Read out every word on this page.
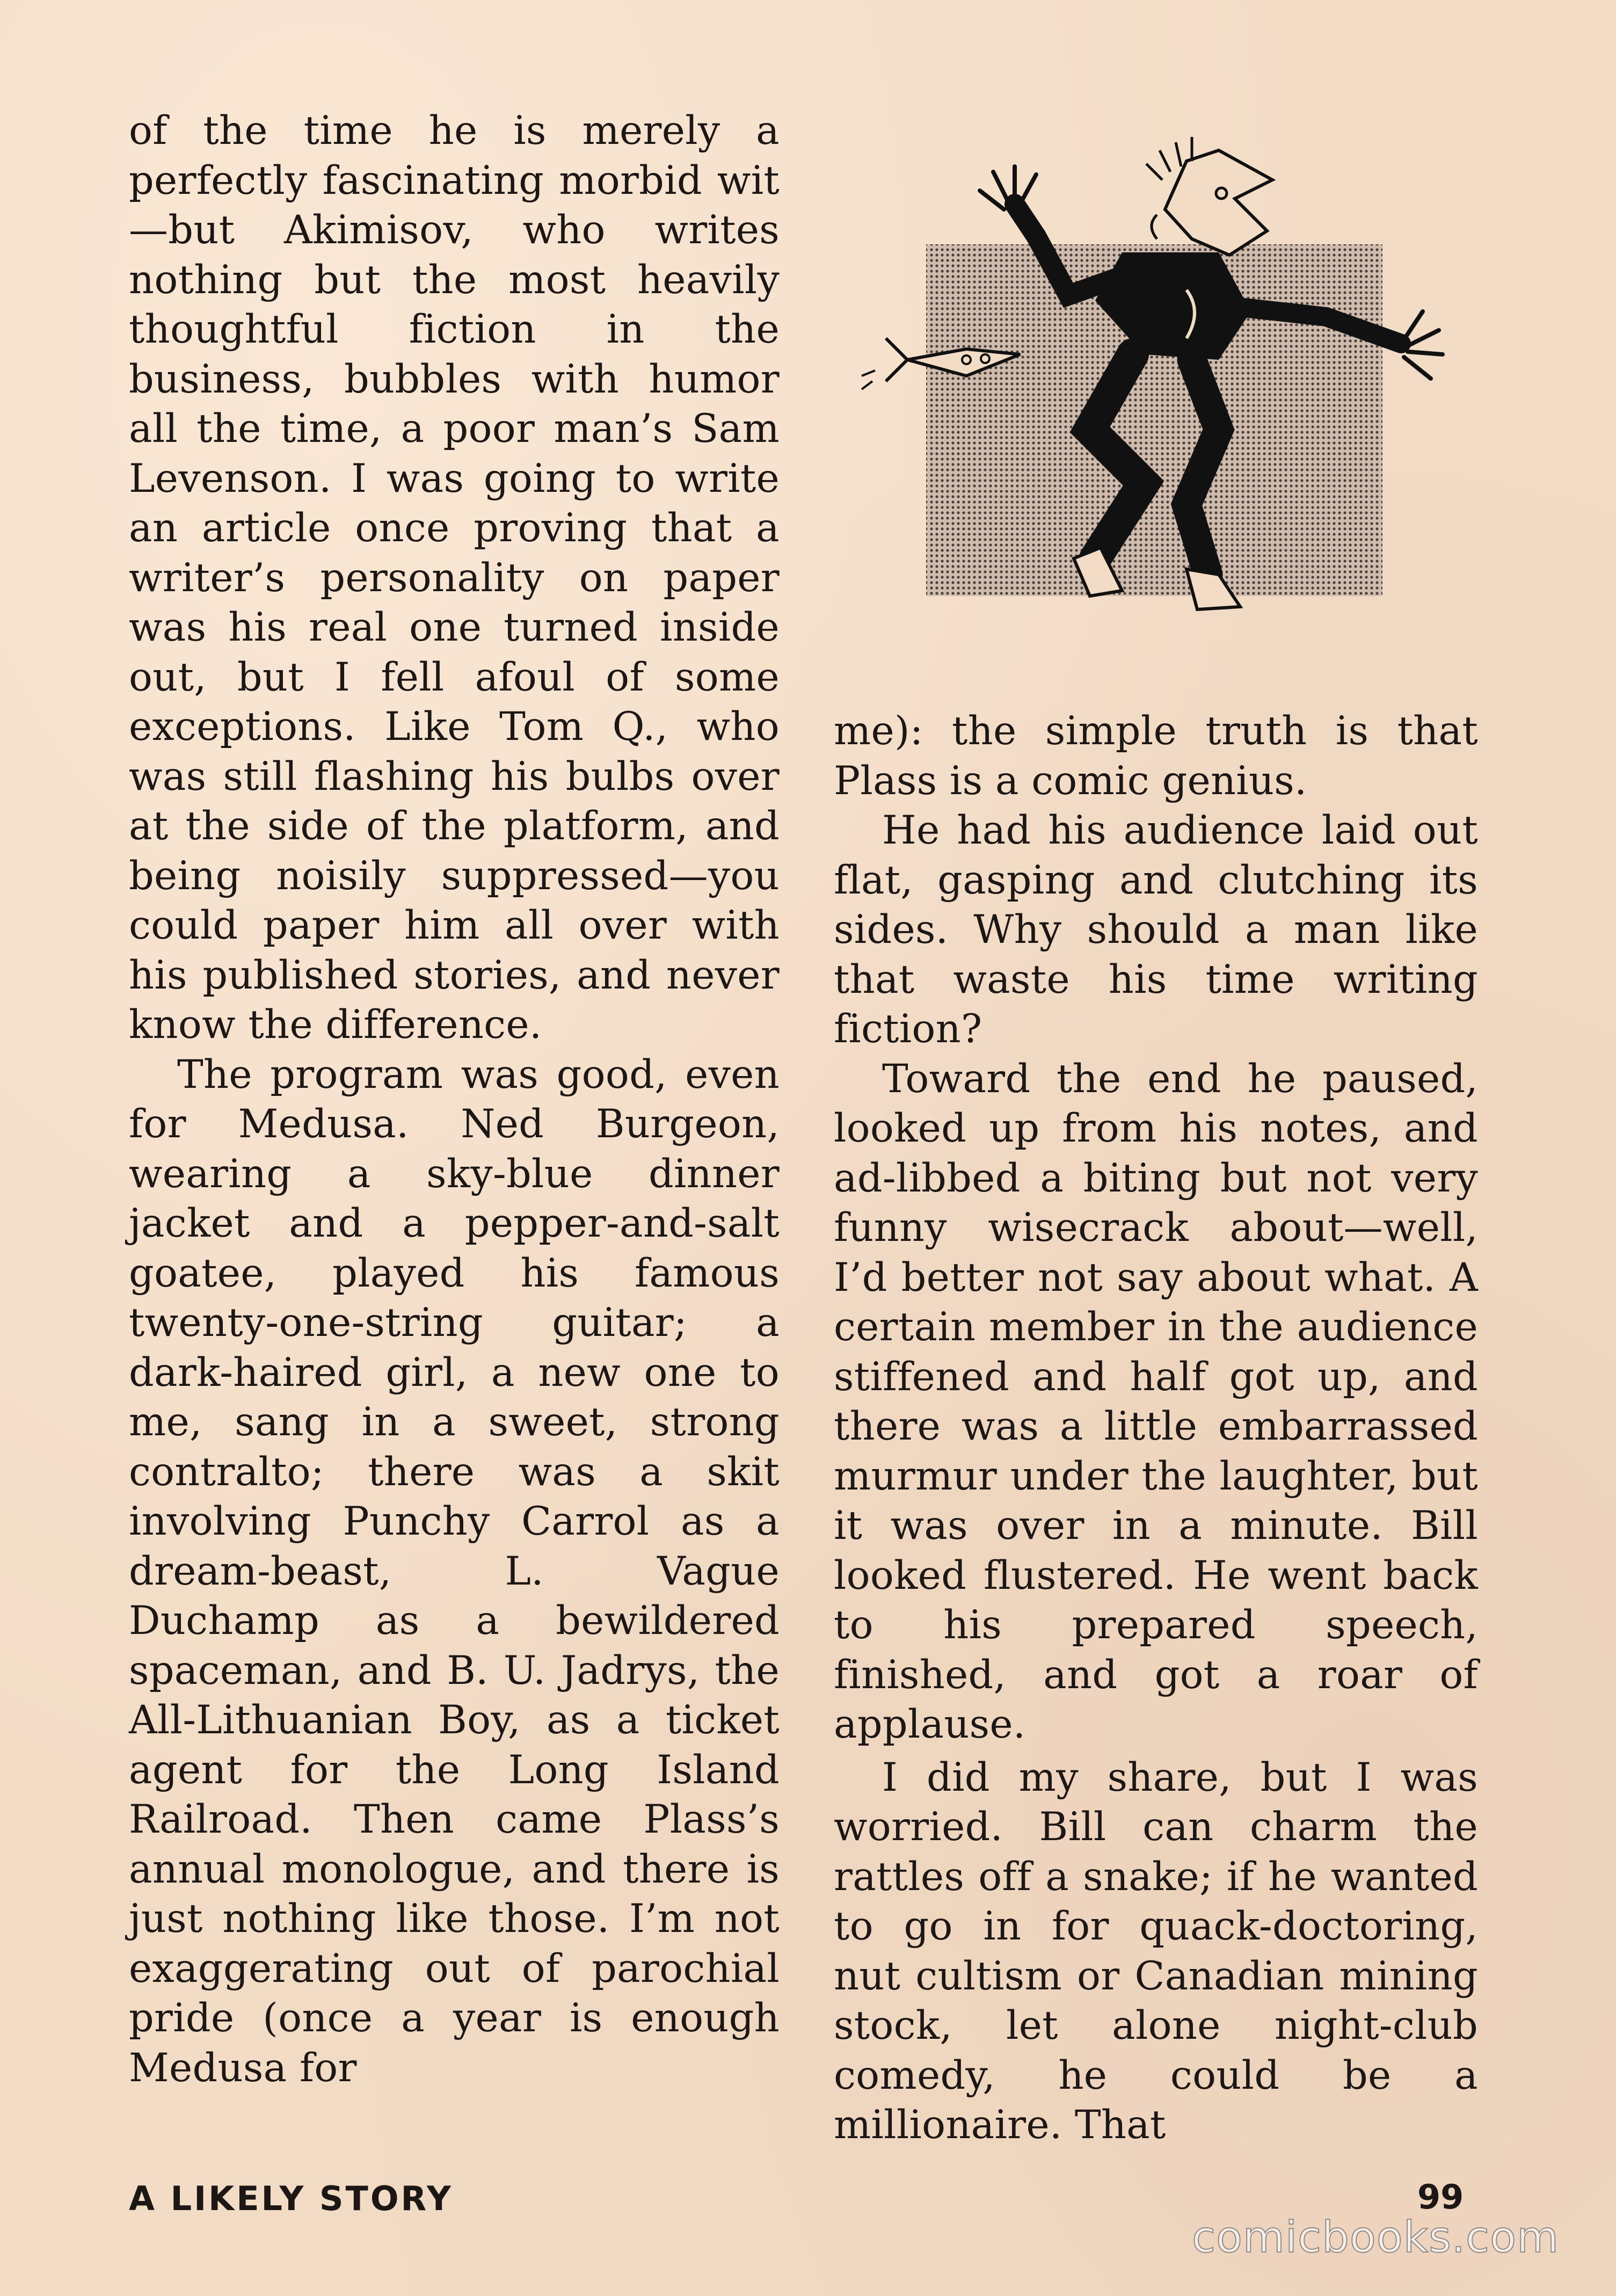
of the time he is merely a perfectly fascinating morbid wit—but Akimisov, who writes nothing but the most heavily thoughtful fiction in the business, bubbles with humor all the time, a poor man’s Sam Levenson. I was going to write an article once proving that a writer’s personality on paper was his real one turned inside out, but I fell afoul of some exceptions. Like Tom Q., who was still flashing his bulbs over at the side of the platform, and being noisily suppressed—you could paper him all over with his published stories, and never know the difference.

The program was good, even for Medusa. Ned Burgeon, wearing a sky-blue dinner jacket and a pepper-and-salt goatee, played his famous twenty-one-string guitar; a dark-haired girl, a new one to me, sang in a sweet, strong contralto; there was a skit involving Punchy Carrol as a dream-beast, L. Vague Duchamp as a bewildered spaceman, and B. U. Jadrys, the All-Lithuanian Boy, as a ticket agent for the Long Island Railroad. Then came Plass’s annual monologue, and there is just nothing like those. I’m not exaggerating out of parochial pride (once a year is enough Medusa for

me): the simple truth is that Plass is a comic genius.

He had his audience laid out flat, gasping and clutching its sides. Why should a man like that waste his time writing fiction?

Toward the end he paused, looked up from his notes, and ad-libbed a biting but not very funny wisecrack about—well, I’d better not say about what. A certain member in the audience stiffened and half got up, and there was a little embarrassed murmur under the laughter, but it was over in a minute. Bill looked flustered. He went back to his prepared speech, finished, and got a roar of applause.

I did my share, but I was worried. Bill can charm the rattles off a snake; if he wanted to go in for quack-doctoring, nut cultism or Canadian mining stock, let alone night-club comedy, he could be a millionaire. That

A LIKELY STORY	99
comicbooks.com
